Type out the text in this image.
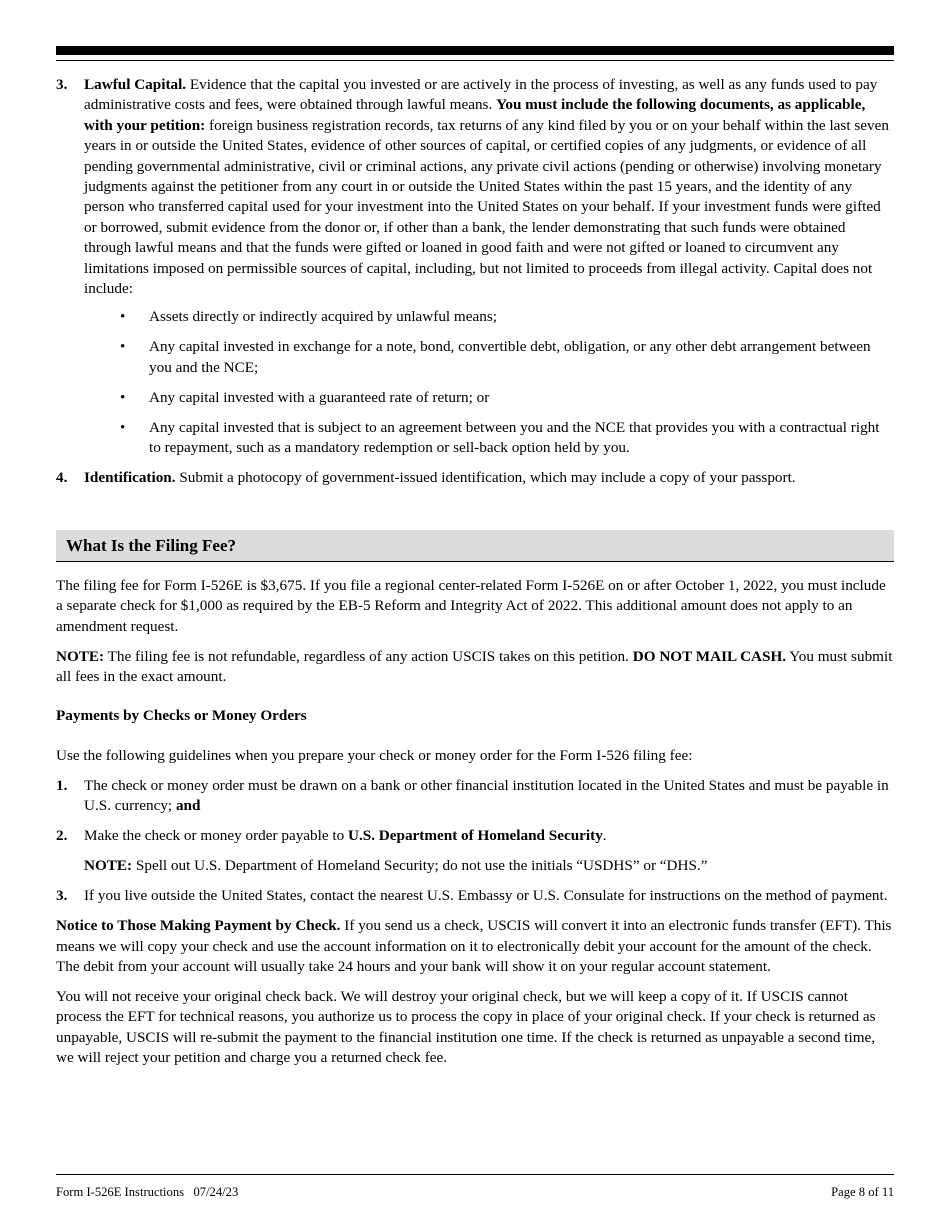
3.	Lawful Capital. Evidence that the capital you invested or are actively in the process of investing, as well as any funds used to pay administrative costs and fees, were obtained through lawful means. You must include the following documents, as applicable, with your petition: foreign business registration records, tax returns of any kind filed by you or on your behalf within the last seven years in or outside the United States, evidence of other sources of capital, or certified copies of any judgments, or evidence of all pending governmental administrative, civil or criminal actions, any private civil actions (pending or otherwise) involving monetary judgments against the petitioner from any court in or outside the United States within the past 15 years, and the identity of any person who transferred capital used for your investment into the United States on your behalf. If your investment funds were gifted or borrowed, submit evidence from the donor or, if other than a bank, the lender demonstrating that such funds were obtained through lawful means and that the funds were gifted or loaned in good faith and were not gifted or loaned to circumvent any limitations imposed on permissible sources of capital, including, but not limited to proceeds from illegal activity. Capital does not include:
•	Assets directly or indirectly acquired by unlawful means;
•	Any capital invested in exchange for a note, bond, convertible debt, obligation, or any other debt arrangement between you and the NCE;
•	Any capital invested with a guaranteed rate of return; or
•	Any capital invested that is subject to an agreement between you and the NCE that provides you with a contractual right to repayment, such as a mandatory redemption or sell-back option held by you.
4.	Identification. Submit a photocopy of government-issued identification, which may include a copy of your passport.
What Is the Filing Fee?

The filing fee for Form I-526E is $3,675. If you file a regional center-related Form I-526E on or after October 1, 2022, you must include a separate check for $1,000 as required by the EB-5 Reform and Integrity Act of 2022. This additional amount does not apply to an amendment request.

NOTE: The filing fee is not refundable, regardless of any action USCIS takes on this petition. DO NOT MAIL CASH. You must submit all fees in the exact amount.

Payments by Checks or Money Orders

Use the following guidelines when you prepare your check or money order for the Form I-526 filing fee:

1.	The check or money order must be drawn on a bank or other financial institution located in the United States and must be payable in U.S. currency; and
2.	Make the check or money order payable to U.S. Department of Homeland Security.
NOTE: Spell out U.S. Department of Homeland Security; do not use the initials “USDHS” or “DHS.”
3.	If you live outside the United States, contact the nearest U.S. Embassy or U.S. Consulate for instructions on the method of payment.

Notice to Those Making Payment by Check. If you send us a check, USCIS will convert it into an electronic funds transfer (EFT). This means we will copy your check and use the account information on it to electronically debit your account for the amount of the check. The debit from your account will usually take 24 hours and your bank will show it on your regular account statement.

You will not receive your original check back. We will destroy your original check, but we will keep a copy of it. If USCIS cannot process the EFT for technical reasons, you authorize us to process the copy in place of your original check. If your check is returned as unpayable, USCIS will re-submit the payment to the financial institution one time. If the check is returned as unpayable a second time, we will reject your petition and charge you a returned check fee.

Form I-526E Instructions   07/24/23	Page 8 of 11
